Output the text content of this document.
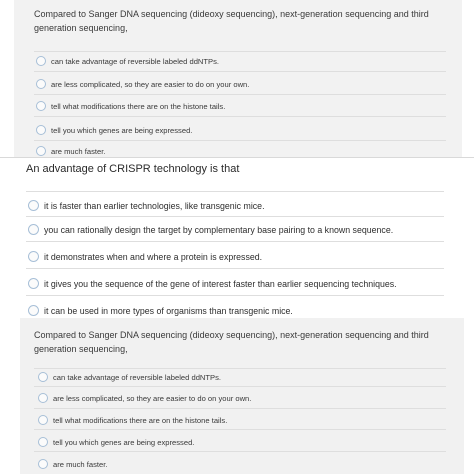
Compared to Sanger DNA sequencing (dideoxy sequencing), next-generation sequencing and third generation sequencing,

can take advantage of reversible labeled ddNTPs.
are less complicated, so they are easier to do on your own.
tell what modifications there are on the histone tails.
tell you which genes are being expressed.
are much faster.

An advantage of CRISPR technology is that

it is faster than earlier technologies, like transgenic mice.
you can rationally design the target by complementary base pairing to a known sequence.
it demonstrates when and where a protein is expressed.
it gives you the sequence of the gene of interest faster than earlier sequencing techniques.
it can be used in more types of organisms than transgenic mice.

Compared to Sanger DNA sequencing (dideoxy sequencing), next-generation sequencing and third generation sequencing,

can take advantage of reversible labeled ddNTPs.
are less complicated, so they are easier to do on your own.
tell what modifications there are on the histone tails.
tell you which genes are being expressed.
are much faster.
